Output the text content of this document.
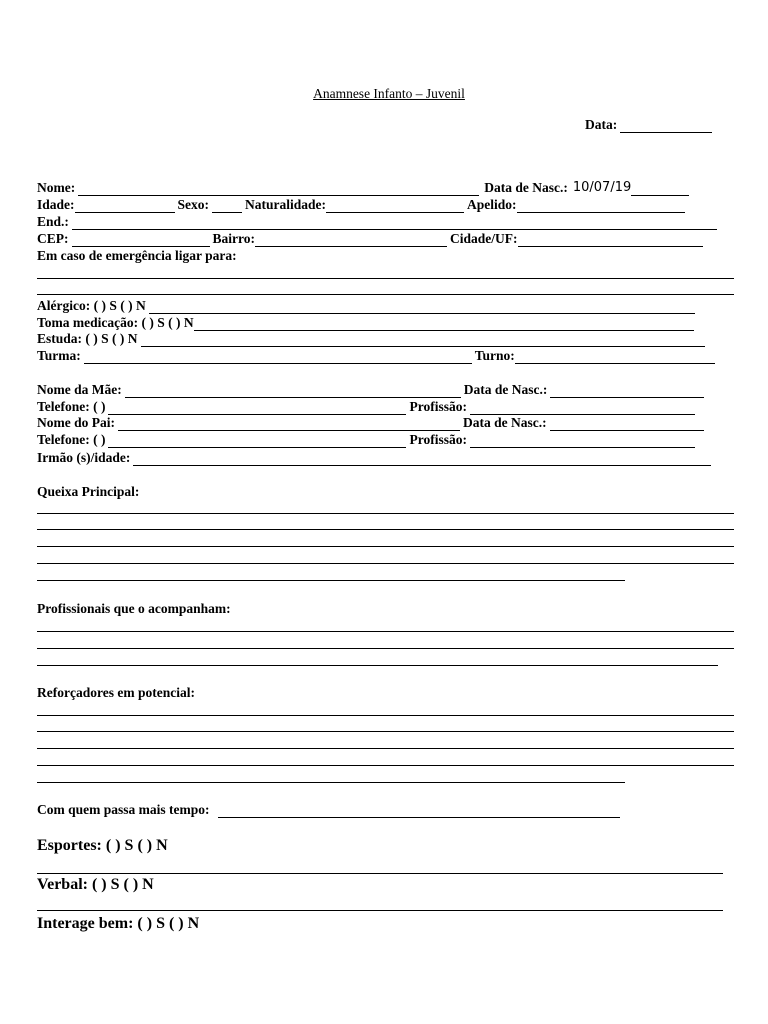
Anamnese Infanto – Juvenil
Data:
Nome:	Data de Nasc.: 10/07/19
Idade:	Sexo:	Naturalidade:	Apelido:
End.:
CEP:	Bairro:	Cidade/UF:
Em caso de emergência ligar para:
Alérgico: ( ) S ( ) N
Toma medicação: ( ) S ( ) N
Estuda: ( ) S ( ) N
Turma:	Turno:
Nome da Mãe:	Data de Nasc.:
Telefone: ( )	Profissão:
Nome do Pai:	Data de Nasc.:
Telefone: ( )	Profissão:
Irmão (s)/idade:
Queixa Principal:
Profissionais que o acompanham:
Reforçadores em potencial:
Com quem passa mais tempo:
Esportes: ( ) S ( ) N
Verbal: ( ) S ( ) N
Interage bem: ( ) S ( ) N
